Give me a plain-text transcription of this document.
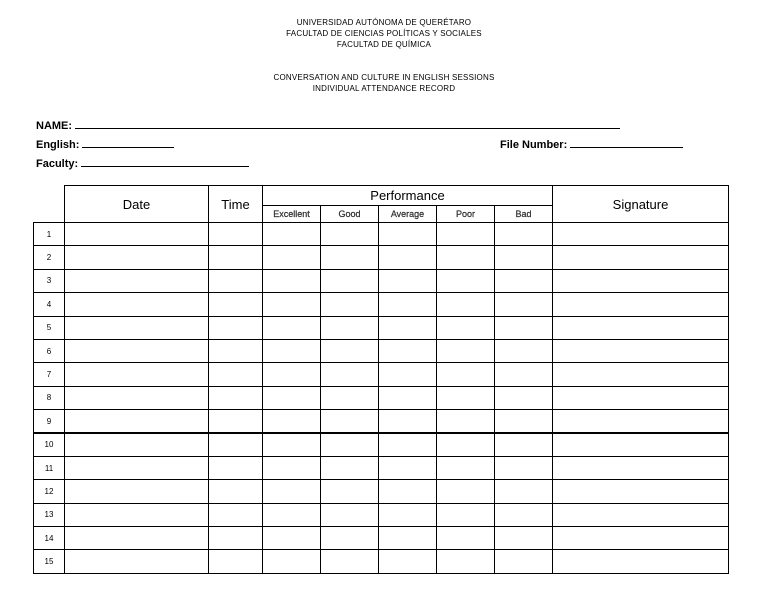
UNIVERSIDAD AUTÓNOMA DE QUERÉTARO
FACULTAD DE CIENCIAS POLÍTICAS Y SOCIALES
FACULTAD DE QUÍMICA
CONVERSATION AND CULTURE IN ENGLISH SESSIONS
INDIVIDUAL ATTENDANCE RECORD
NAME:
English:	File Number:
Faculty:
	Date	Time	Performance					Signature
			Excellent	Good	Average	Poor	Bad	
1								
2								
3								
4								
5								
6								
7								
8								
9								
10								
11								
12								
13								
14								
15								
